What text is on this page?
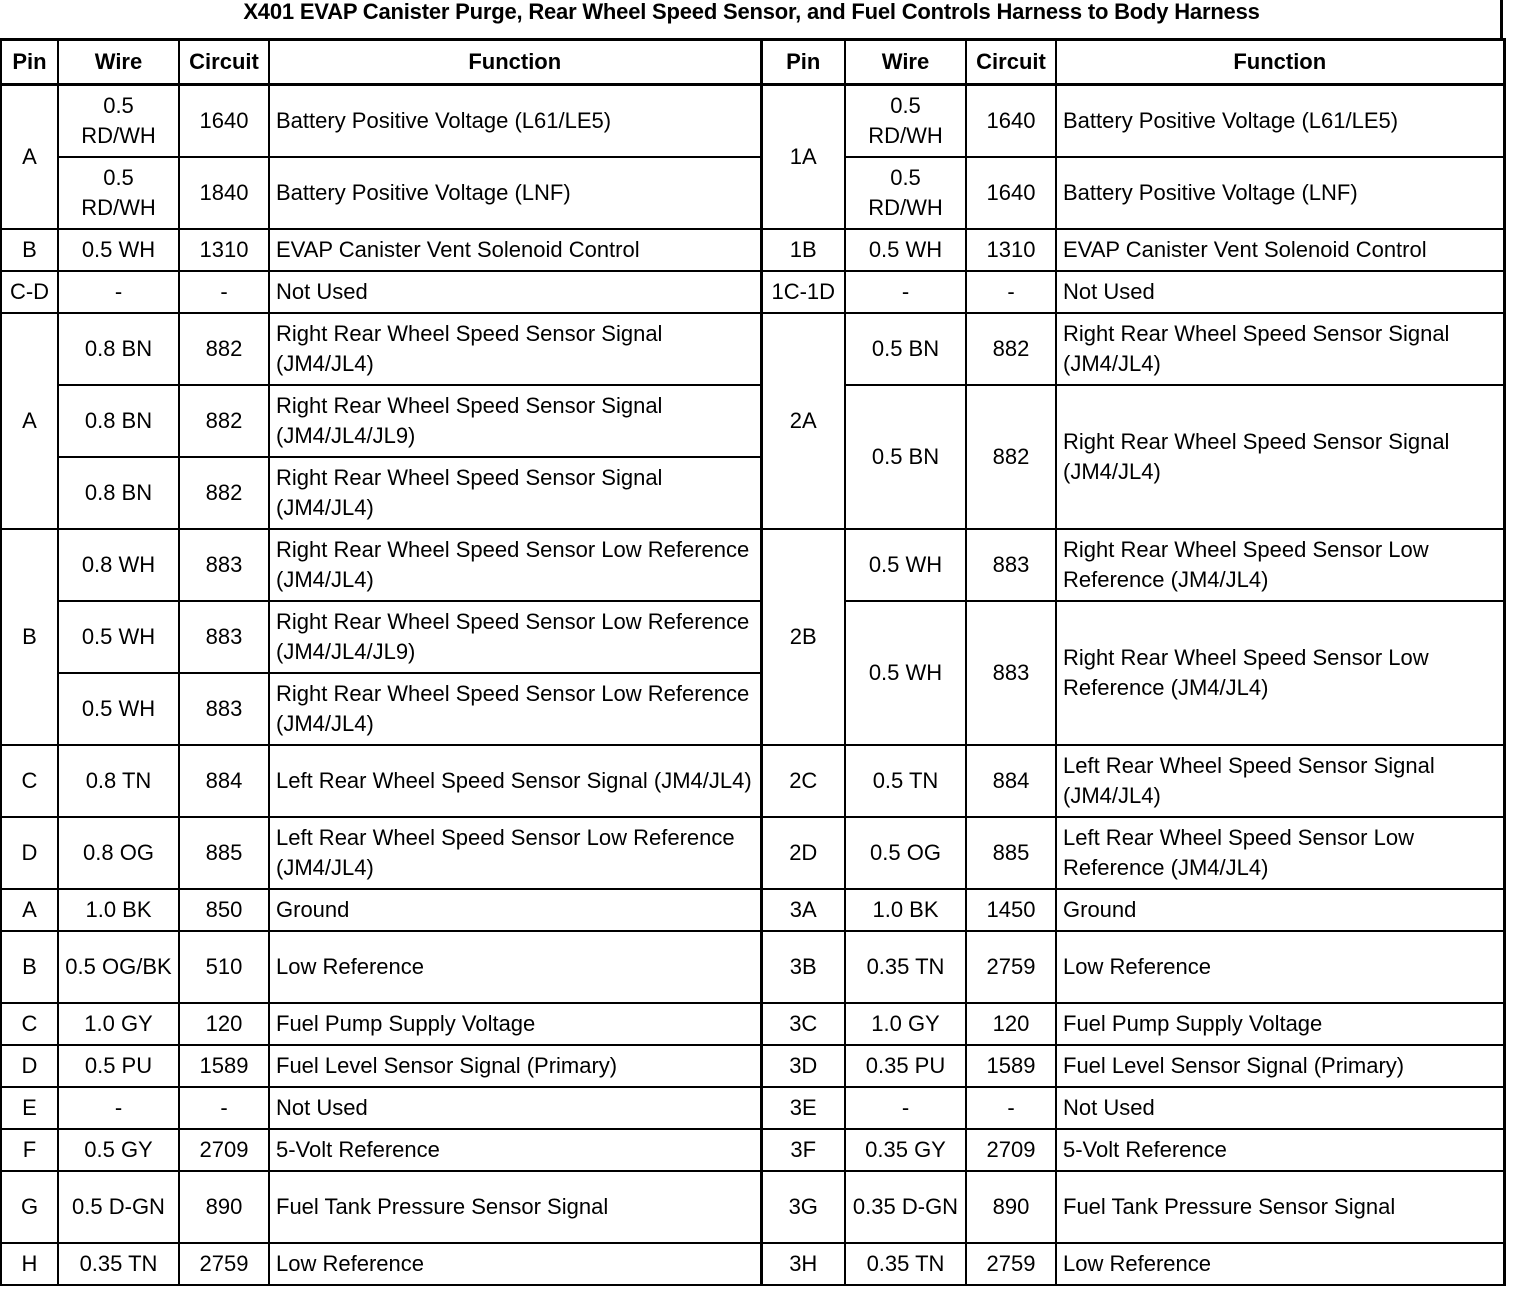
X401 EVAP Canister Purge, Rear Wheel Speed Sensor, and Fuel Controls Harness to Body Harness
Pin	Wire	Circuit	Function	Pin	Wire	Circuit	Function
A	0.5 RD/WH	1640	Battery Positive Voltage (L61/LE5)	1A	0.5 RD/WH	1640	Battery Positive Voltage (L61/LE5)
	0.5 RD/WH	1840	Battery Positive Voltage (LNF)		0.5 RD/WH	1640	Battery Positive Voltage (LNF)
B	0.5 WH	1310	EVAP Canister Vent Solenoid Control	1B	0.5 WH	1310	EVAP Canister Vent Solenoid Control
C-D	-	-	Not Used	1C-1D	-	-	Not Used
A	0.8 BN	882	Right Rear Wheel Speed Sensor Signal (JM4/JL4)	2A	0.5 BN	882	Right Rear Wheel Speed Sensor Signal (JM4/JL4)
	0.8 BN	882	Right Rear Wheel Speed Sensor Signal (JM4/JL4/JL9)		0.5 BN	882	Right Rear Wheel Speed Sensor Signal (JM4/JL4)
	0.8 BN	882	Right Rear Wheel Speed Sensor Signal (JM4/JL4)				
B	0.8 WH	883	Right Rear Wheel Speed Sensor Low Reference (JM4/JL4)	2B	0.5 WH	883	Right Rear Wheel Speed Sensor Low Reference (JM4/JL4)
	0.5 WH	883	Right Rear Wheel Speed Sensor Low Reference (JM4/JL4/JL9)		0.5 WH	883	Right Rear Wheel Speed Sensor Low Reference (JM4/JL4)
	0.5 WH	883	Right Rear Wheel Speed Sensor Low Reference (JM4/JL4)				
C	0.8 TN	884	Left Rear Wheel Speed Sensor Signal (JM4/JL4)	2C	0.5 TN	884	Left Rear Wheel Speed Sensor Signal (JM4/JL4)
D	0.8 OG	885	Left Rear Wheel Speed Sensor Low Reference (JM4/JL4)	2D	0.5 OG	885	Left Rear Wheel Speed Sensor Low Reference (JM4/JL4)
A	1.0 BK	850	Ground	3A	1.0 BK	1450	Ground
B	0.5 OG/BK	510	Low Reference	3B	0.35 TN	2759	Low Reference
C	1.0 GY	120	Fuel Pump Supply Voltage	3C	1.0 GY	120	Fuel Pump Supply Voltage
D	0.5 PU	1589	Fuel Level Sensor Signal (Primary)	3D	0.35 PU	1589	Fuel Level Sensor Signal (Primary)
E	-	-	Not Used	3E	-	-	Not Used
F	0.5 GY	2709	5-Volt Reference	3F	0.35 GY	2709	5-Volt Reference
G	0.5 D-GN	890	Fuel Tank Pressure Sensor Signal	3G	0.35 D-GN	890	Fuel Tank Pressure Sensor Signal
H	0.35 TN	2759	Low Reference	3H	0.35 TN	2759	Low Reference
